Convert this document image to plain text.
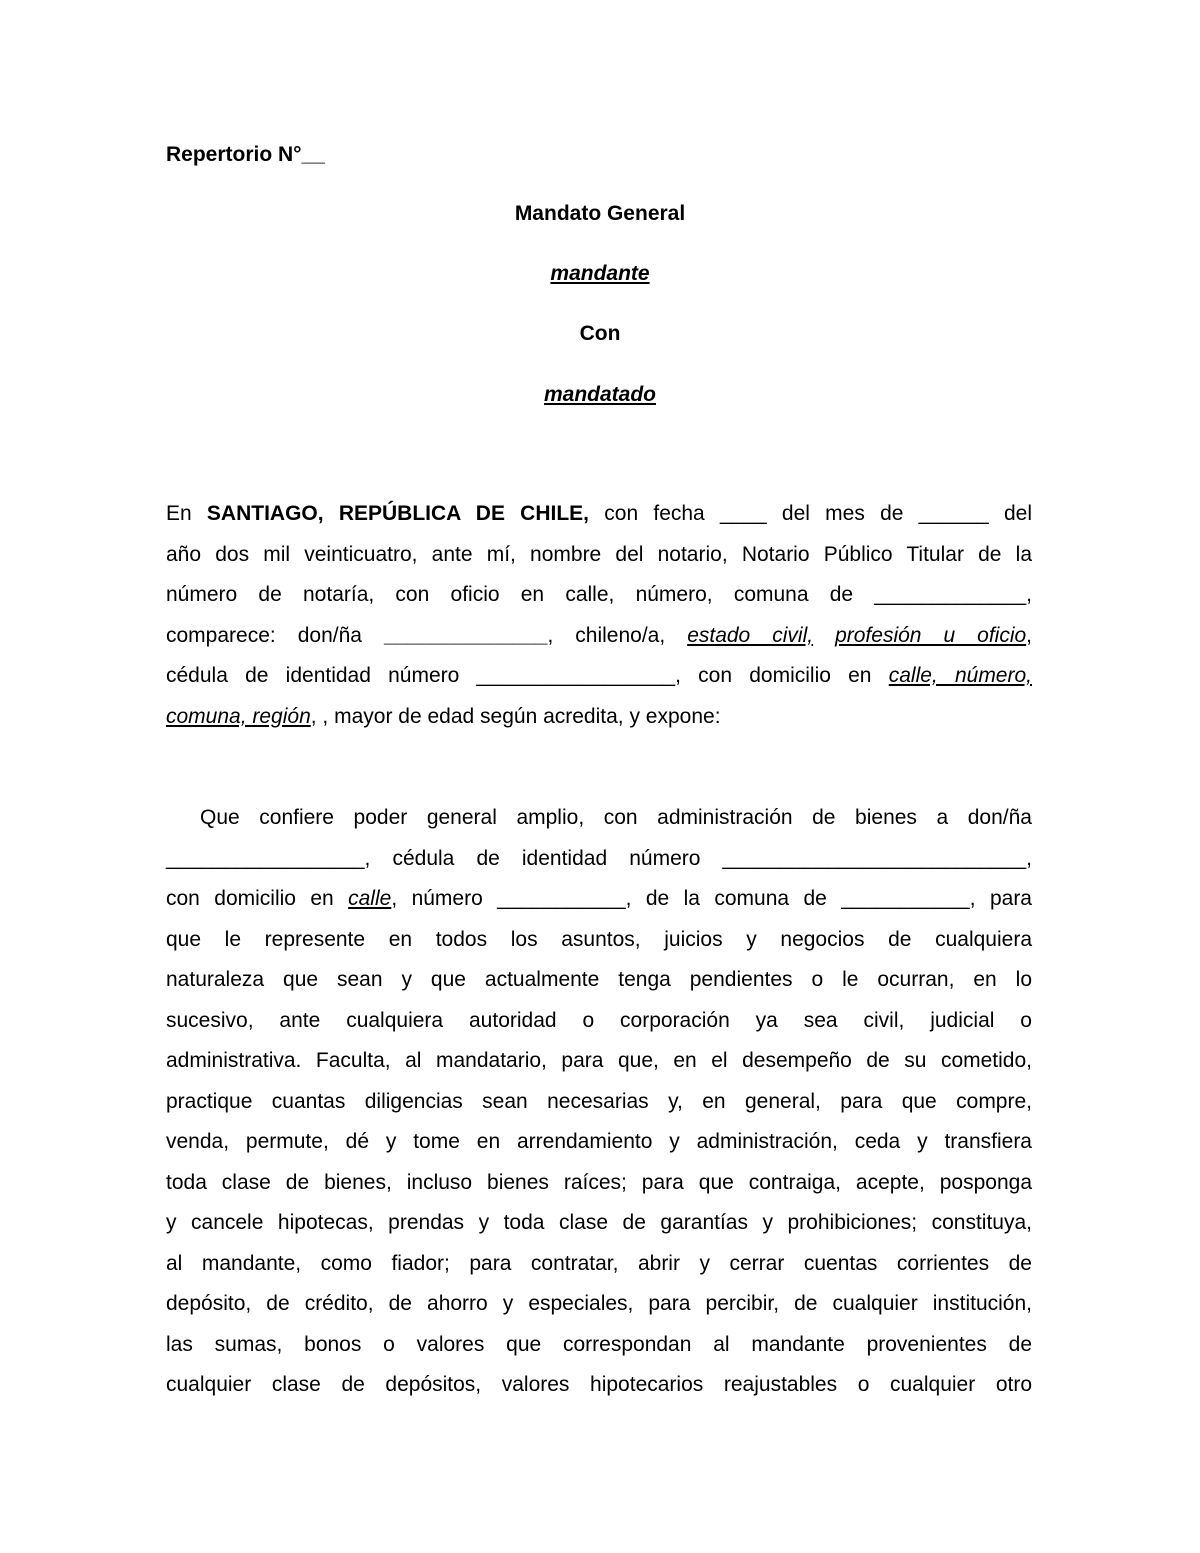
Repertorio N°__
Mandato General
mandante
Con
mandatado
En SANTIAGO, REPÚBLICA DE CHILE, con fecha ____ del mes de ______ del
año dos mil veinticuatro, ante mí, nombre del notario, Notario Público Titular de la
número de notaría, con oficio en calle, número, comuna de _____________,
comparece: don/ña ______________, chileno/a, estado civil, profesión u oficio,
cédula de identidad número _________________, con domicilio en calle, número,
comuna, región, , mayor de edad según acredita, y expone:
Que confiere poder general amplio, con administración de bienes a don/ña
_________________, cédula de identidad número __________________________,
con domicilio en calle, número ___________, de la comuna de ___________, para
que le represente en todos los asuntos, juicios y negocios de cualquiera
naturaleza que sean y que actualmente tenga pendientes o le ocurran, en lo
sucesivo, ante cualquiera autoridad o corporación ya sea civil, judicial o
administrativa. Faculta, al mandatario, para que, en el desempeño de su cometido,
practique cuantas diligencias sean necesarias y, en general, para que compre,
venda, permute, dé y tome en arrendamiento y administración, ceda y transfiera
toda clase de bienes, incluso bienes raíces; para que contraiga, acepte, posponga
y cancele hipotecas, prendas y toda clase de garantías y prohibiciones; constituya,
al mandante, como fiador; para contratar, abrir y cerrar cuentas corrientes de
depósito, de crédito, de ahorro y especiales, para percibir, de cualquier institución,
las sumas, bonos o valores que correspondan al mandante provenientes de
cualquier clase de depósitos, valores hipotecarios reajustables o cualquier otro
